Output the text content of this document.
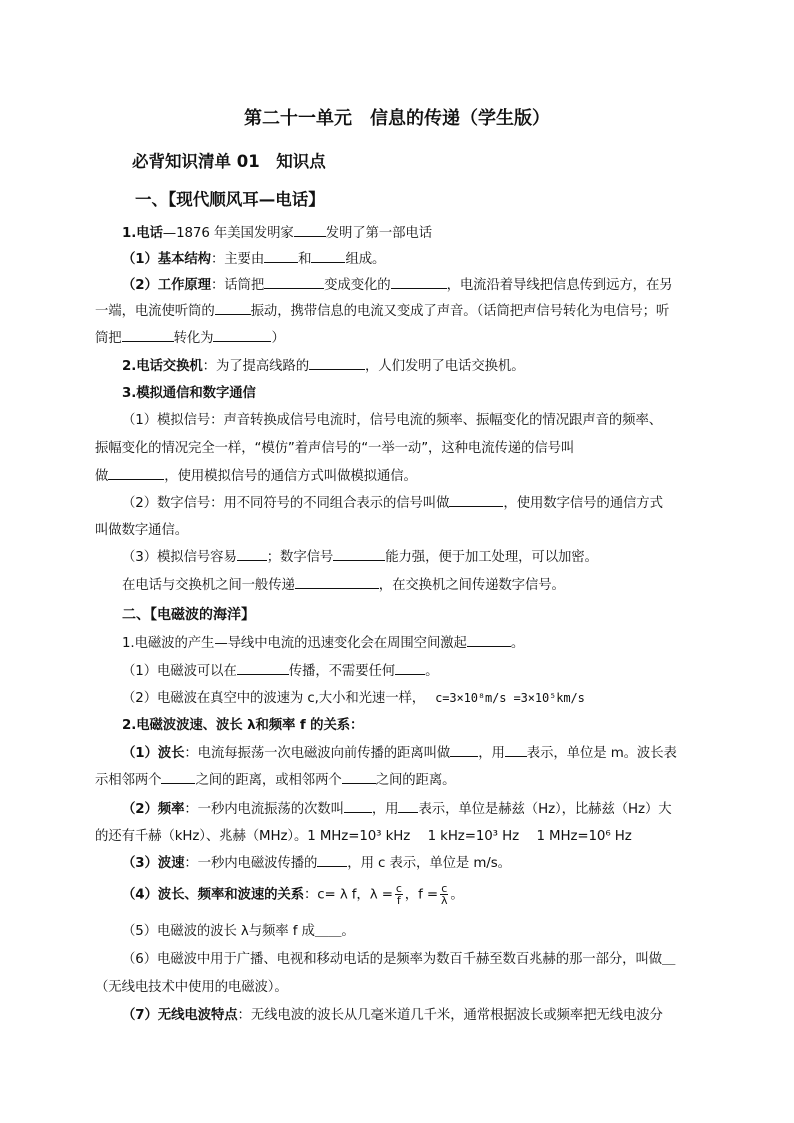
第二十一单元　信息的传递（学生版）
必背知识清单 01　知识点
一、【现代顺风耳—电话】
1.电话—1876 年美国发明家 发明了第一部电话
（1）基本结构：主要由	和	组成。
（2）工作原理：话筒把	变成变化的	，电流沿着导线把信息传到远方，在另
一端，电流使听筒的	振动，携带信息的电流又变成了声音。（话筒把声信号转化为电信号；听
筒把	转化为	）
2.电话交换机：为了提高线路的	，人们发明了电话交换机。
3.模拟通信和数字通信
（1）模拟信号：声音转换成信号电流时，信号电流的频率、振幅变化的情况跟声音的频率、
振幅变化的情况完全一样，“模仿”着声信号的“一举一动”，这种电流传递的信号叫
做	，使用模拟信号的通信方式叫做模拟通信。
（2）数字信号：用不同符号的不同组合表示的信号叫做	，使用数字信号的通信方式
叫做数字通信。
（3）模拟信号容易 ；数字信号	能力强，便于加工处理，可以加密。
在电话与交换机之间一般传递	，在交换机之间传递数字信号。
二、【电磁波的海洋】
1.电磁波的产生—导线中电流的迅速变化会在周围空间激起	。
（1）电磁波可以在	传播，不需要任何 。
（2）电磁波在真空中的波速为 c,大小和光速一样， c=3×10⁸m/s =3×10⁵km/s
2.电磁波波速、波长 λ和频率 f 的关系：
（1）波长：电流每振荡一次电磁波向前传播的距离叫做 ，用 表示，单位是 m。波长表
示相邻两个	之间的距离，或相邻两个	之间的距离。
（2）频率：一秒内电流振荡的次数叫 ，用 表示，单位是赫兹（Hz），比赫兹（Hz）大
的还有千赫（kHz）、兆赫（MHz）。1 MHz=10³ kHz　 1 kHz=10³ Hz　 1 MHz=10⁶ Hz
（3）波速：一秒内电磁波传播的 ，用 c 表示，单位是 m/s。
（4）波长、频率和波速的关系：c= λ f，$\lambda = \frac{c}{f}$ ，$f = \frac{c}{\lambda}$ 。
（5）电磁波的波长 λ与频率 f 成＿＿。
（6）电磁波中用于广播、电视和移动电话的是频率为数百千赫至数百兆赫的那一部分，叫做＿
（无线电技术中使用的电磁波）。
（7）无线电波特点：无线电波的波长从几毫米道几千米，通常根据波长或频率把无线电波分
